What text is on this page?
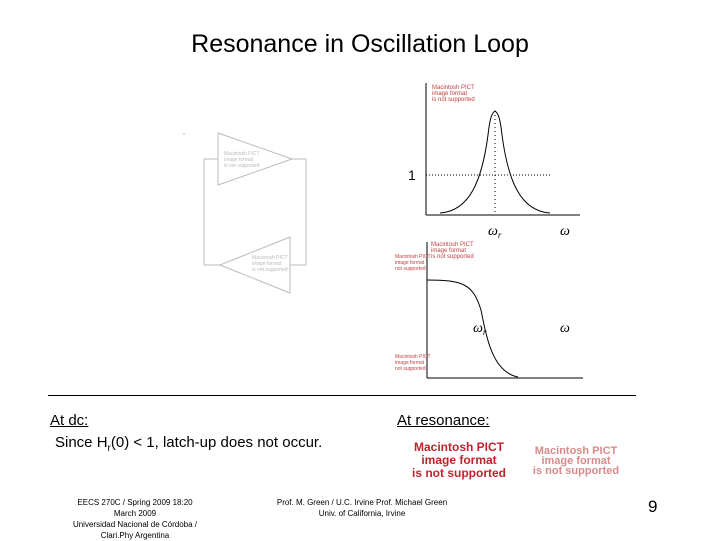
Resonance in Oscillation Loop
Macintosh PICT
image format
is not supported
Macintosh PICT
image format
is not supported
1
Macintosh PICT
image format
is not supported
$\omega_r$	ω
Macintosh PICT
image format
is not supported
Macintosh PICT
image format
not supported
Macintosh PICT
image format
not supported
$\omega_r$	ω
At dc:
Since $H_r(0) < 1$, latch-up does not occur.
At resonance:
Macintosh PICT
image format
is not supported
Macintosh PICT
image format
is not supported
EECS 270C / Spring 2009 18:20
March 2009
Universidad Nacional de Córdoba /
Clari.Phy Argentina
Prof. M. Green / U.C. Irvine Prof. Michael Green
Univ. of California, Irvine	9
